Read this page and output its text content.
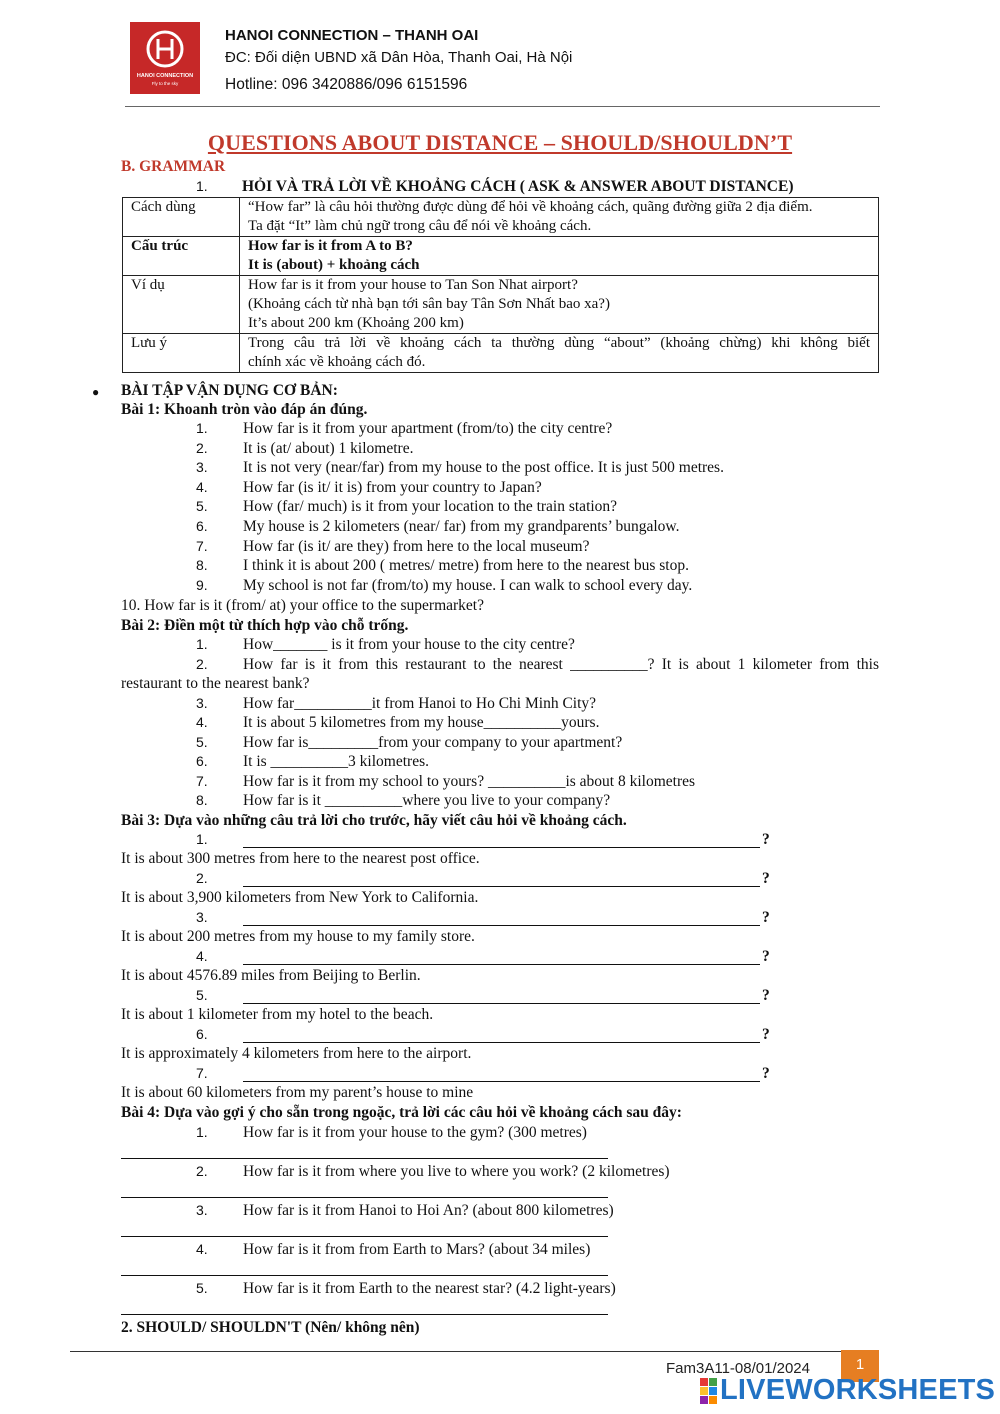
HANOI CONNECTION
Fly to the sky
HANOI CONNECTION – THANH OAI
ĐC: Đối diện UBND xã Dân Hòa, Thanh Oai, Hà Nội
Hotline: 096 3420886/096 6151596
QUESTIONS ABOUT DISTANCE – SHOULD/SHOULDN’T
B. GRAMMAR
1. HỎI VÀ TRẢ LỜI VỀ KHOẢNG CÁCH ( ASK & ANSWER ABOUT DISTANCE)
Cách dùng	“How far” là câu hỏi thường được dùng để hỏi về khoảng cách, quãng đường giữa 2 địa điểm.
Ta đặt “It” làm chủ ngữ trong câu để nói về khoảng cách.

Cấu trúc	How far is it from A to B?
It is (about) + khoảng cách

Ví dụ	How far is it from your house to Tan Son Nhat airport?
(Khoảng cách từ nhà bạn tới sân bay Tân Sơn Nhất bao xa?)
It’s about 200 km (Khoảng 200 km)

Lưu ý	Trong câu trả lời về khoảng cách ta thường dùng “about” (khoảng chừng) khi không biết
chính xác về khoảng cách đó.
● BÀI TẬP VẬN DỤNG CƠ BẢN:
Bài 1: Khoanh tròn vào đáp án đúng.
10. How far is it (from/ at) your office to the supermarket?
Bài 2: Điền một từ thích hợp vào chỗ trống.
restaurant to the nearest bank?
Bài 3: Dựa vào những câu trả lời cho trước, hãy viết câu hỏi về khoảng cách.
Bài 4: Dựa vào gợi ý cho sẵn trong ngoặc, trả lời các câu hỏi về khoảng cách sau đây:
2. SHOULD/ SHOULDN'T (Nên/ không nên)
Fam3A11-08/01/2024	1
LIVEWORKSHEETS
1. How far is it from your apartment (from/to) the city centre?
2. It is (at/ about) 1 kilometre.
3. It is not very (near/far) from my house to the post office. It is just 500 metres.
4. How far (is it/ it is) from your country to Japan?
5. How (far/ much) is it from your location to the train station?
6. My house is 2 kilometers (near/ far) from my grandparents’ bungalow.
7. How far (is it/ are they) from here to the local museum?
8. I think it is about 200 ( metres/ metre) from here to the nearest bus stop.
9. My school is not far (from/to) my house. I can walk to school every day.
1. How_______ is it from your house to the city centre?
2. How far is it from this restaurant to the nearest __________? It is about 1 kilometer from this
3. How far__________it from Hanoi to Ho Chi Minh City?
4. It is about 5 kilometres from my house__________yours.
5. How far is_________from your company to your apartment?
6. It is __________3 kilometres.
7. How far is it from my school to yours? __________is about 8 kilometres
8. How far is it __________where you live to your company?
1.	?
It is about 300 metres from here to the nearest post office.
2.	?
It is about 3,900 kilometers from New York to California.
3.	?
It is about 200 metres from my house to my family store.
4.	?
It is about 4576.89 miles from Beijing to Berlin.
5.	?
It is about 1 kilometer from my hotel to the beach.
6.	?
It is approximately 4 kilometers from here to the airport.
7.	?
It is about 60 kilometers from my parent’s house to mine
1. How far is it from your house to the gym? (300 metres)
2. How far is it from where you live to where you work? (2 kilometres)
3. How far is it from Hanoi to Hoi An? (about 800 kilometres)
4. How far is it from from Earth to Mars? (about 34 miles)
5. How far is it from Earth to the nearest star? (4.2 light-years)
